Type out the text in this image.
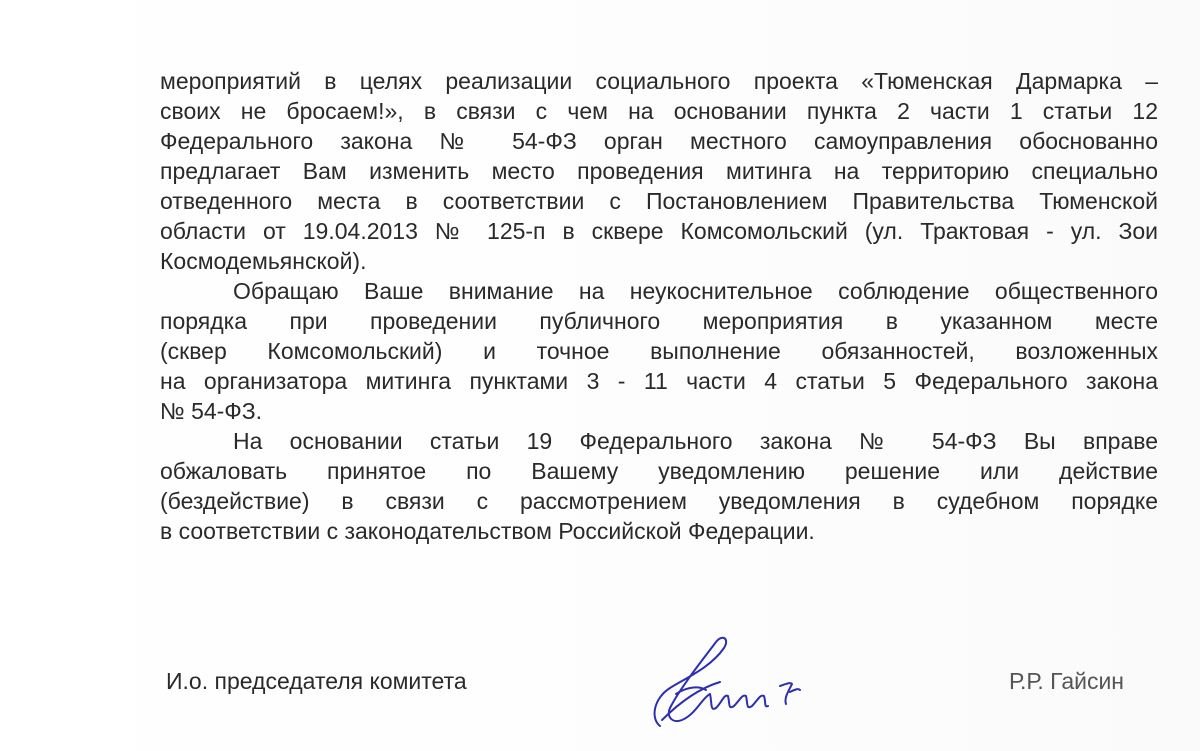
мероприятий в целях реализации социального проекта «Тюменская Дармарка –
своих не бросаем!», в связи с чем на основании пункта 2 части 1 статьи 12
Федерального закона № 54-ФЗ орган местного самоуправления обоснованно
предлагает Вам изменить место проведения митинга на территорию специально
отведенного места в соответствии с Постановлением Правительства Тюменской
области от 19.04.2013 № 125-п в сквере Комсомольский (ул. Трактовая - ул. Зои
Космодемьянской).
Обращаю Ваше внимание на неукоснительное соблюдение общественного
порядка при проведении публичного мероприятия в указанном месте
(сквер Комсомольский) и точное выполнение обязанностей, возложенных
на организатора митинга пунктами 3 - 11 части 4 статьи 5 Федерального закона
№ 54-ФЗ.
На основании статьи 19 Федерального закона № 54-ФЗ Вы вправе
обжаловать принятое по Вашему уведомлению решение или действие
(бездействие) в связи с рассмотрением уведомления в судебном порядке
в соответствии с законодательством Российской Федерации.
И.о. председателя комитета	Р.Р. Гайсин
